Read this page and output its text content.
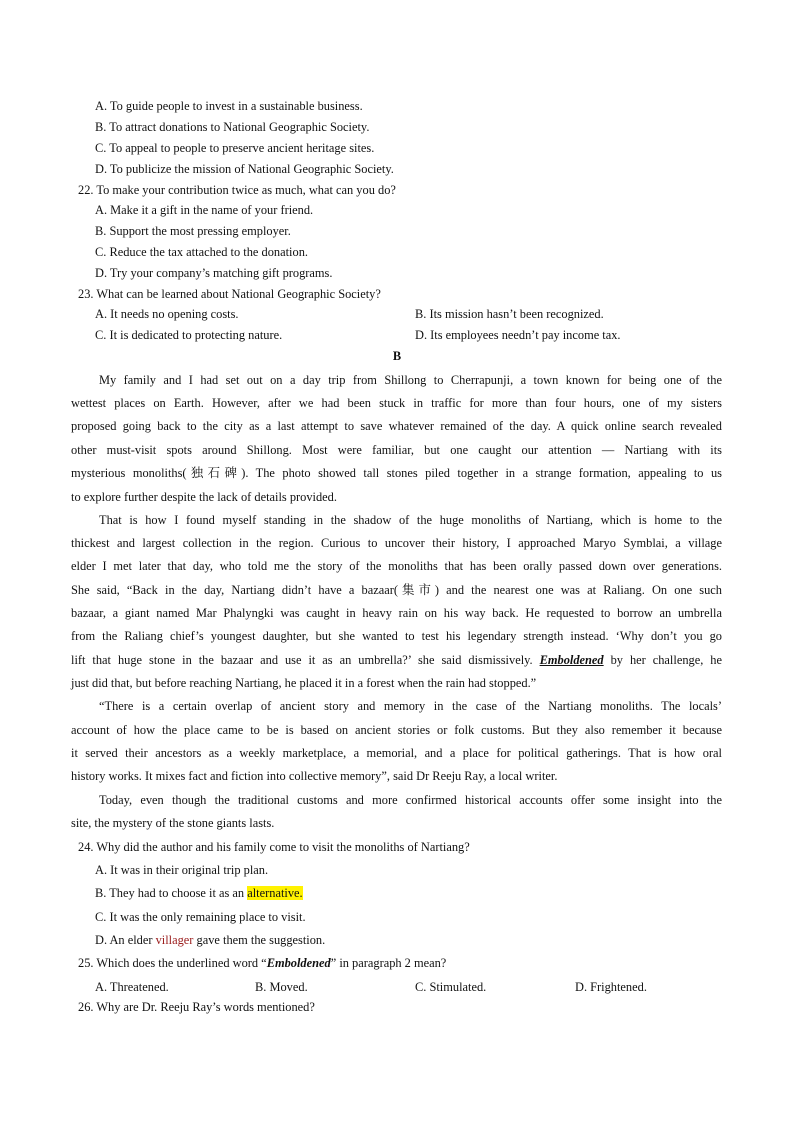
A. To guide people to invest in a sustainable business.
B. To attract donations to National Geographic Society.
C. To appeal to people to preserve ancient heritage sites.
D. To publicize the mission of National Geographic Society.
22. To make your contribution twice as much, what can you do?
A. Make it a gift in the name of your friend.
B. Support the most pressing employer.
C. Reduce the tax attached to the donation.
D. Try your company’s matching gift programs.
23. What can be learned about National Geographic Society?
A. It needs no opening costs.	B. Its mission hasn’t been recognized.
C. It is dedicated to protecting nature.	D. Its employees needn’t pay income tax.
B
My family and I had set out on a day trip from Shillong to Cherrapunji, a town known for being one of the
wettest places on Earth. However, after we had been stuck in traffic for more than four hours, one of my sisters
proposed going back to the city as a last attempt to save whatever remained of the day. A quick online search revealed
other must-visit spots around Shillong. Most were familiar, but one caught our attention — Nartiang with its
mysterious monoliths(独石碑). The photo showed tall stones piled together in a strange formation, appealing to us
to explore further despite the lack of details provided.
That is how I found myself standing in the shadow of the huge monoliths of Nartiang, which is home to the
thickest and largest collection in the region. Curious to uncover their history, I approached Maryo Symblai, a village
elder I met later that day, who told me the story of the monoliths that has been orally passed down over generations.
She said, “Back in the day, Nartiang didn’t have a bazaar(集市) and the nearest one was at Raliang. On one such
bazaar, a giant named Mar Phalyngki was caught in heavy rain on his way back. He requested to borrow an umbrella
from the Raliang chief’s youngest daughter, but she wanted to test his legendary strength instead. ‘Why don’t you go
lift that huge stone in the bazaar and use it as an umbrella?’ she said dismissively. Emboldened by her challenge, he
just did that, but before reaching Nartiang, he placed it in a forest when the rain had stopped.”
“There is a certain overlap of ancient story and memory in the case of the Nartiang monoliths. The locals’
account of how the place came to be is based on ancient stories or folk customs. But they also remember it because
it served their ancestors as a weekly marketplace, a memorial, and a place for political gatherings. That is how oral
history works. It mixes fact and fiction into collective memory”, said Dr Reeju Ray, a local writer.
Today, even though the traditional customs and more confirmed historical accounts offer some insight into the
site, the mystery of the stone giants lasts.
24. Why did the author and his family come to visit the monoliths of Nartiang?
A. It was in their original trip plan.
B. They had to choose it as an alternative.
C. It was the only remaining place to visit.
D. An elder villager gave them the suggestion.
25. Which does the underlined word “Emboldened” in paragraph 2 mean?
A. Threatened.	B. Moved.	C. Stimulated.	D. Frightened.
26. Why are Dr. Reeju Ray’s words mentioned?
